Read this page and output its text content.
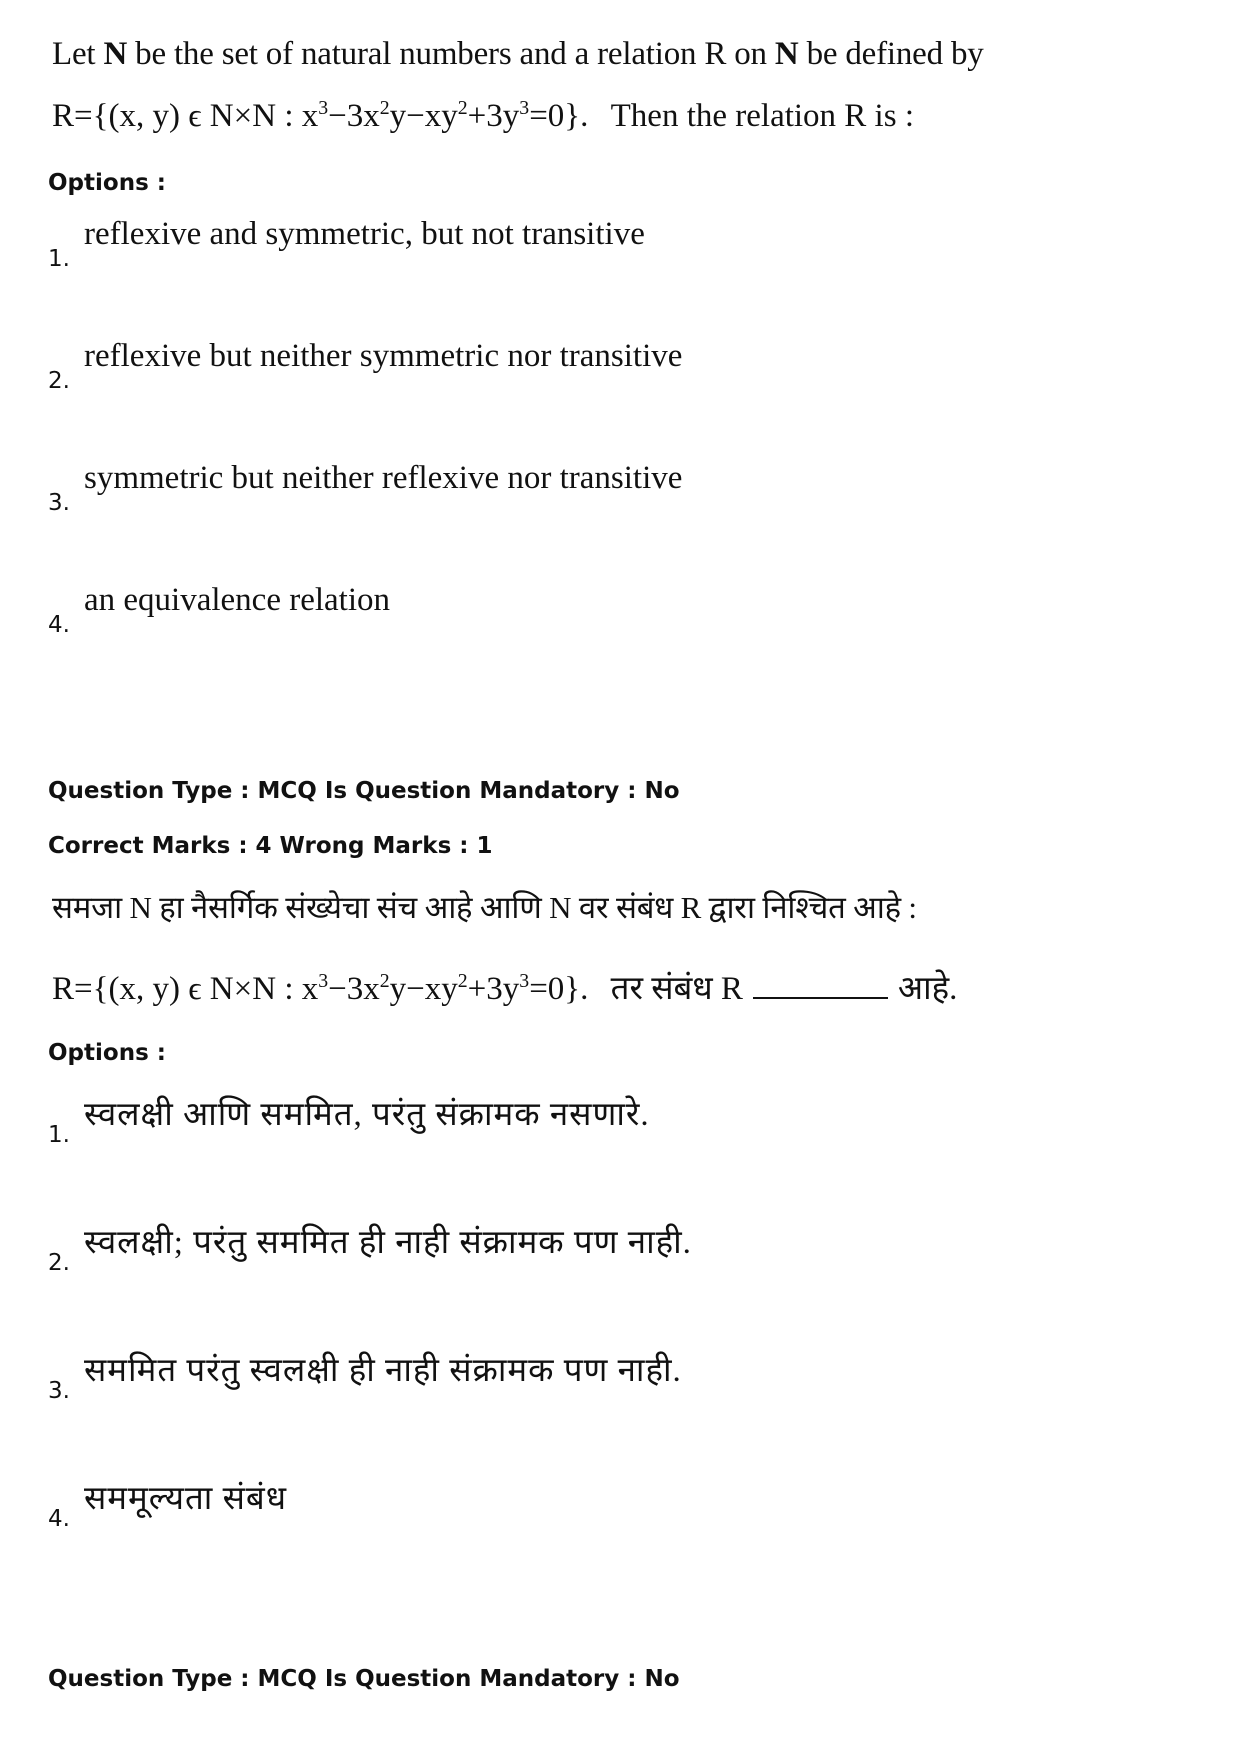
Let N be the set of natural numbers and a relation R on N be defined by
R={(x, y) ϵ N×N : $x^3-3x^2y-xy^2+3y^3=0$}. Then the relation R is :
Options :
1.
reflexive and symmetric, but not transitive
2.
reflexive but neither symmetric nor transitive
3.
symmetric but neither reflexive nor transitive
4.
an equivalence relation
Question Type : MCQ Is Question Mandatory : No
Correct Marks : 4 Wrong Marks : 1
समजा N हा नैसर्गिक संख्येचा संच आहे आणि N वर संबंध R द्वारा निश्चित आहे :
R={(x, y) ϵ N×N : $x^3-3x^2y-xy^2+3y^3=0$}. तर संबंध R	आहे.
Options :
1.
स्वलक्षी आणि सममित, परंतु संक्रामक नसणारे.
2.
स्वलक्षी; परंतु सममित ही नाही संक्रामक पण नाही.
3.
सममित परंतु स्वलक्षी ही नाही संक्रामक पण नाही.
4.
सममूल्यता संबंध
Question Type : MCQ Is Question Mandatory : No
